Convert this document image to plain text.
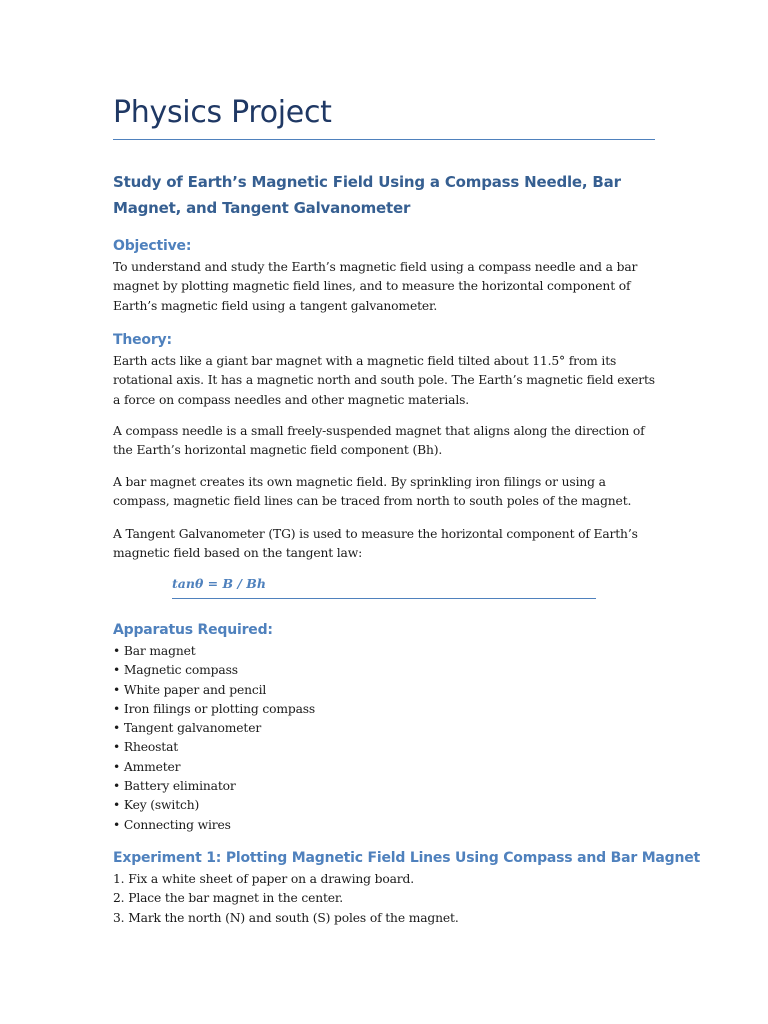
Physics Project
Study of Earth’s Magnetic Field Using a Compass Needle, Bar Magnet, and Tangent Galvanometer
Objective:

To understand and study the Earth’s magnetic field using a compass needle and a bar magnet by plotting magnetic field lines, and to measure the horizontal component of Earth’s magnetic field using a tangent galvanometer.

Theory:

Earth acts like a giant bar magnet with a magnetic field tilted about 11.5° from its rotational axis. It has a magnetic north and south pole. The Earth’s magnetic field exerts a force on compass needles and other magnetic materials.

A compass needle is a small freely-suspended magnet that aligns along the direction of the Earth’s horizontal magnetic field component (Bh).

A bar magnet creates its own magnetic field. By sprinkling iron filings or using a compass, magnetic field lines can be traced from north to south poles of the magnet.

A Tangent Galvanometer (TG) is used to measure the horizontal component of Earth’s magnetic field based on the tangent law:

tanθ = B / Bh
Apparatus Required:
• Bar magnet
• Magnetic compass
• White paper and pencil
• Iron filings or plotting compass
• Tangent galvanometer
• Rheostat
• Ammeter
• Battery eliminator
• Key (switch)
• Connecting wires
Experiment 1: Plotting Magnetic Field Lines Using Compass and Bar Magnet
1. Fix a white sheet of paper on a drawing board.
2. Place the bar magnet in the center.
3. Mark the north (N) and south (S) poles of the magnet.
